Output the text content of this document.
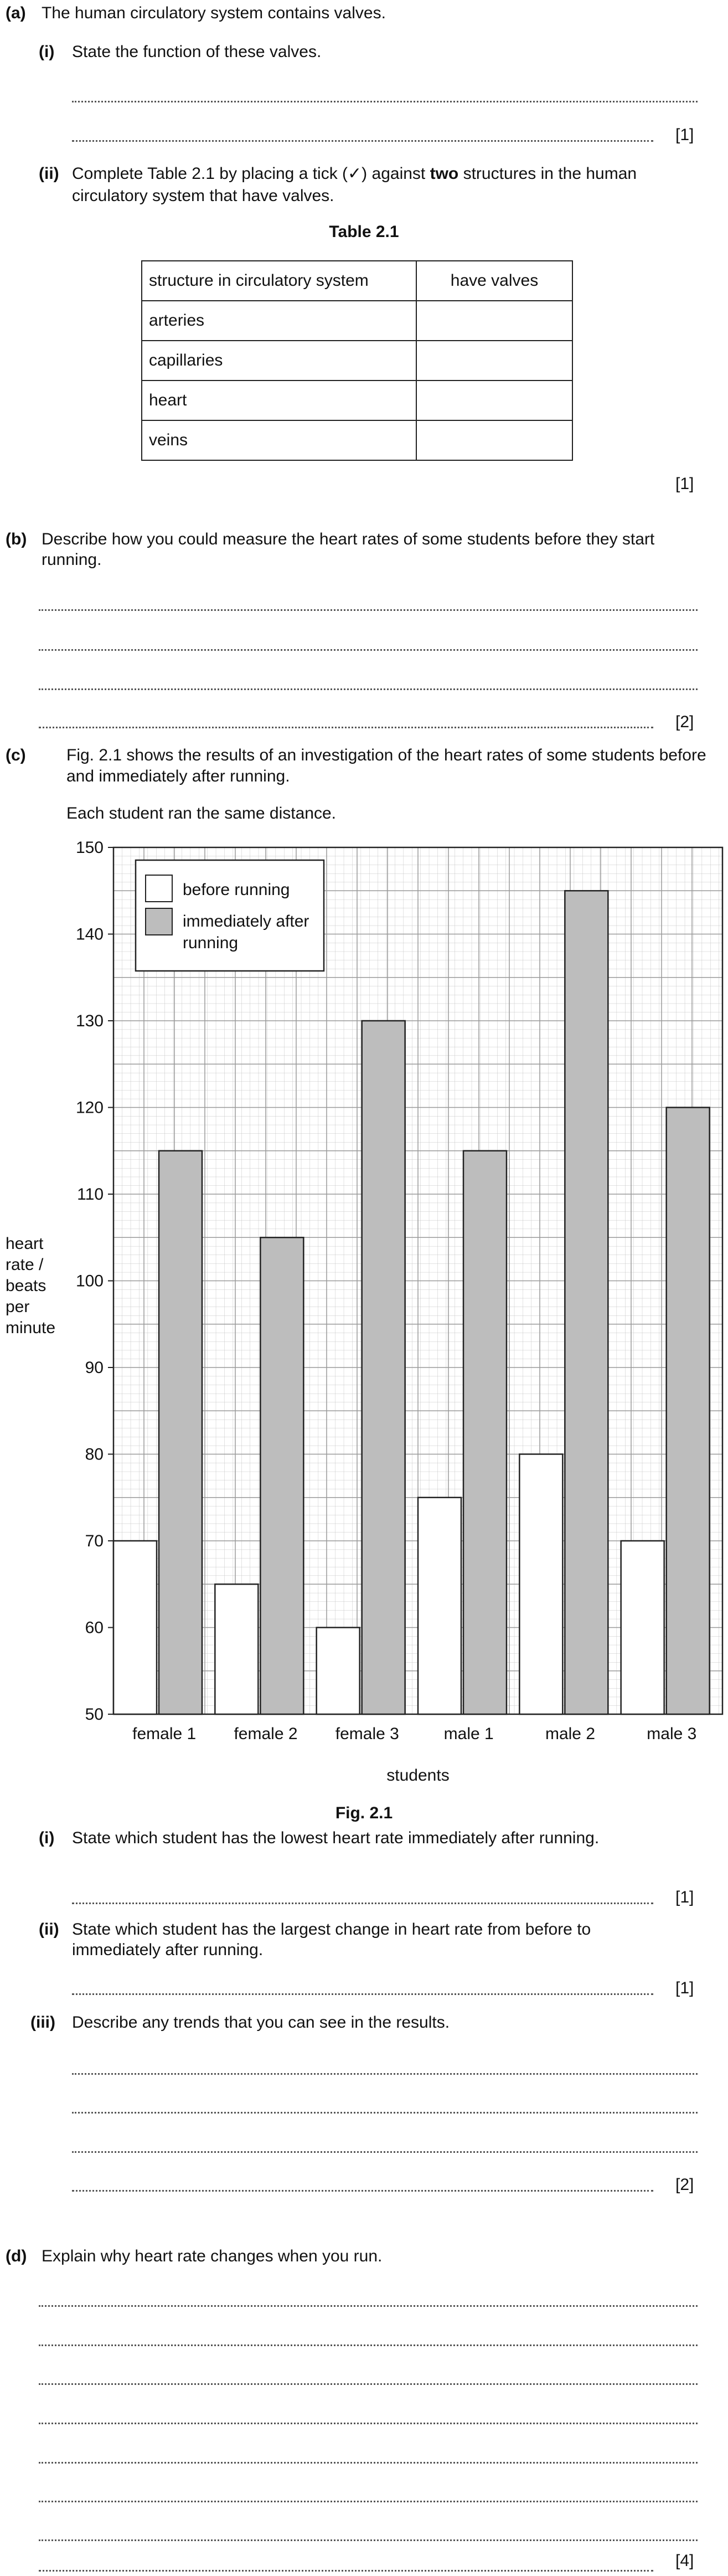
(a) The human circulatory system contains valves.
(i) State the function of these valves.
[1]
(ii) Complete Table 2.1 by placing a tick (✓) against two structures in the human
circulatory system that have valves.
Table 2.1
structure in circulatory system	have valves
arteries	
capillaries	
heart	
veins	
[1]
(b) Describe how you could measure the heart rates of some students before they start
running.
[2]
(c) Fig. 2.1 shows the results of an investigation of the heart rates of some students before
and immediately after running.
Each student ran the same distance.
50
60
70
80
90
100
110
120
130
140
150
female 1 female 2 female 3	male 1	male 2	male 3
before running
immediately after
running
heart
rate /
beats
per
minute
students
Fig. 2.1
(i) State which student has the lowest heart rate immediately after running.
[1]
(ii) State which student has the largest change in heart rate from before to
immediately after running.
[1]
(iii) Describe any trends that you can see in the results.
[2]
(d) Explain why heart rate changes when you run.
[4]
